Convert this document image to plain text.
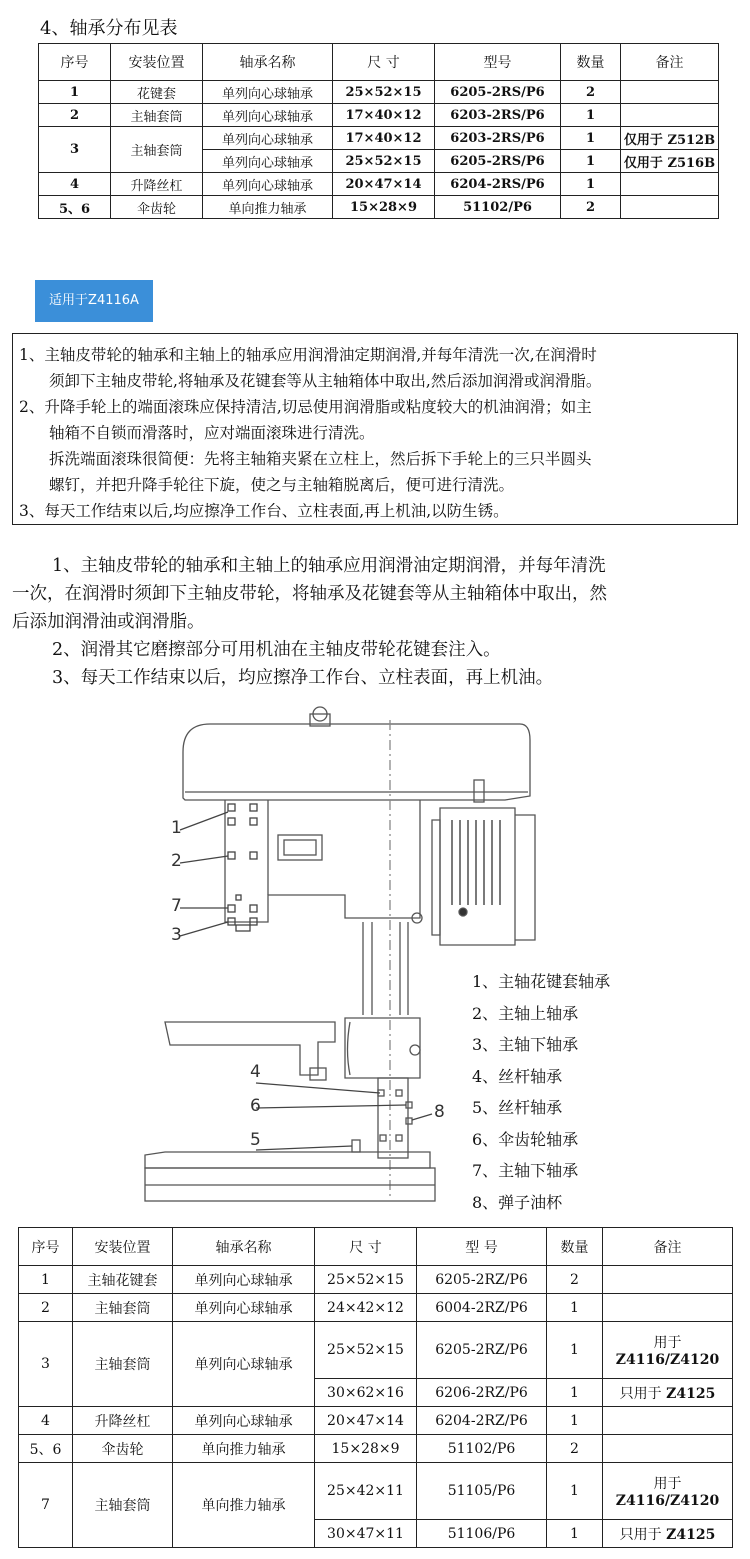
4、轴承分布见表
序号	安装位置	轴承名称	尺 寸	型号	数量	备注
1	花键套	单列向心球轴承	25×52×15	6205-2RS/P6	2	
2	主轴套筒	单列向心球轴承	17×40×12	6203-2RS/P6	1	
3	主轴套筒	单列向心球轴承	17×40×12	6203-2RS/P6	1	仅用于 Z512B
		单列向心球轴承	25×52×15	6205-2RS/P6	1	仅用于 Z516B
4	升降丝杠	单列向心球轴承	20×47×14	6204-2RS/P6	1	
5、6	伞齿轮	单向推力轴承	15×28×9	51102/P6	2	
适用于Z4116A

1、主轴皮带轮的轴承和主轴上的轴承应用润滑油定期润滑,并每年清洗一次,在润滑时

须卸下主轴皮带轮,将轴承及花键套等从主轴箱体中取出,然后添加润滑或润滑脂。

2、升降手轮上的端面滚珠应保持清洁,切忌使用润滑脂或粘度较大的机油润滑；如主

轴箱不自锁而滑落时，应对端面滚珠进行清洗。

拆洗端面滚珠很简便：先将主轴箱夹紧在立柱上，然后拆下手轮上的三只半圆头

螺钉，并把升降手轮往下旋，使之与主轴箱脱离后，便可进行清洗。

3、每天工作结束以后,均应擦净工作台、立柱表面,再上机油,以防生锈。

1、主轴皮带轮的轴承和主轴上的轴承应用润滑油定期润滑，并每年清洗

一次，在润滑时须卸下主轴皮带轮，将轴承及花键套等从主轴箱体中取出，然

后添加润滑油或润滑脂。

2、润滑其它磨擦部分可用机油在主轴皮带轮花键套注入。

3、每天工作结束以后，均应擦净工作台、立柱表面，再上机油。

1
2
7
3
4
6
5
8
1、主轴花键套轴承
2、主轴上轴承
3、主轴下轴承
4、丝杆轴承
5、丝杆轴承
6、伞齿轮轴承
7、主轴下轴承
8、弹子油杯
序号	安装位置	轴承名称	尺 寸	型 号	数量	备注
1	主轴花键套	单列向心球轴承	25×52×15	6205-2RZ/P6	2	
2	主轴套筒	单列向心球轴承	24×42×12	6004-2RZ/P6	1	
3	主轴套筒	单列向心球轴承	25×52×15	6205-2RZ/P6	1	用于
Z4116/Z4120

			30×62×16	6206-2RZ/P6	1	只用于 Z4125
4	升降丝杠	单列向心球轴承	20×47×14	6204-2RZ/P6	1	
5、6	伞齿轮	单向推力轴承	15×28×9	51102/P6	2	
7	主轴套筒	单向推力轴承	25×42×11	51105/P6	1	用于
Z4116/Z4120

			30×47×11	51106/P6	1	只用于 Z4125
